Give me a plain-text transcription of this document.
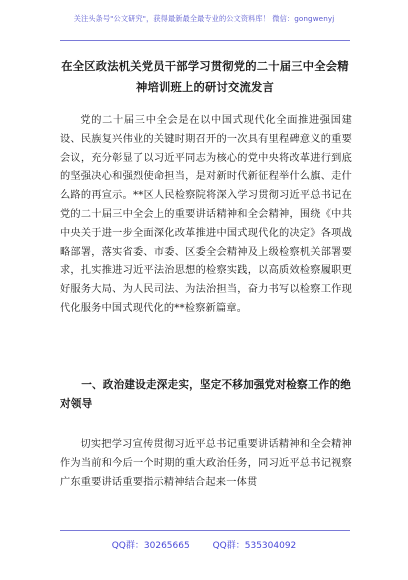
关注头条号"公文研究"，获得最新最全最专业的公文资料库！ 微信：gongwenyj
在全区政法机关党员干部学习贯彻党的二十届三中全会精神培训班上的研讨交流发言
党的二十届三中全会是在以中国式现代化全面推进强国建设、民族复兴伟业的关键时期召开的一次具有里程碑意义的重要会议，充分彰显了以习近平同志为核心的党中央将改革进行到底的坚强决心和强烈使命担当，是对新时代新征程举什么旗、走什么路的再宣示。**区人民检察院将深入学习贯彻习近平总书记在党的二十届三中全会上的重要讲话精神和全会精神，围绕《中共中央关于进一步全面深化改革推进中国式现代化的决定》各项战略部署，落实省委、市委、区委全会精神及上级检察机关部署要求，扎实推进习近平法治思想的检察实践，以高质效检察履职更好服务大局、为人民司法、为法治担当，奋力书写以检察工作现代化服务中国式现代化的**检察新篇章。
一、政治建设走深走实，坚定不移加强党对检察工作的绝对领导
切实把学习宣传贯彻习近平总书记重要讲话精神和全会精神作为当前和今后一个时期的重大政治任务，同习近平总书记视察广东重要讲话重要指示精神结合起来一体贯
QQ群：30265665	QQ群：535304092
